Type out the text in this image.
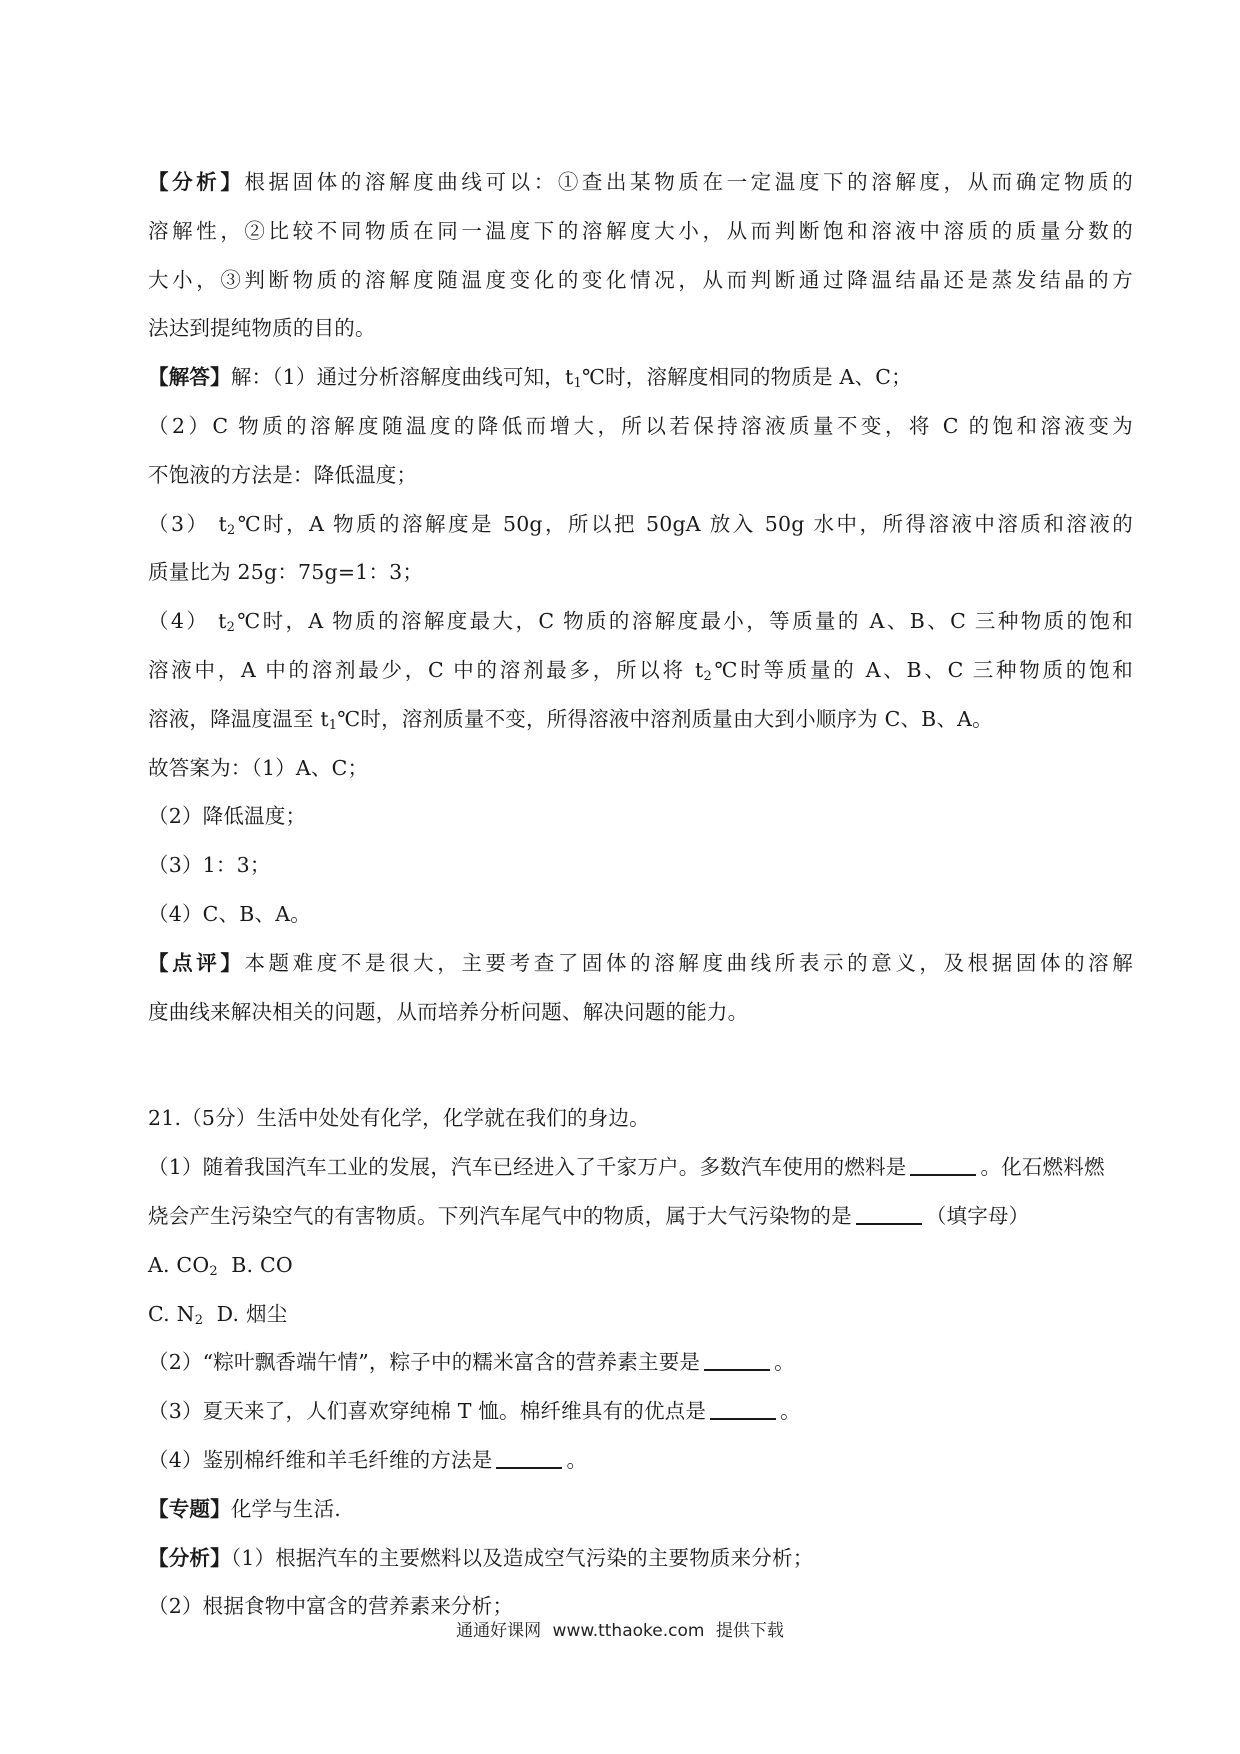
【分析】根据固体的溶解度曲线可以：①查出某物质在一定温度下的溶解度，从而确定物质的
溶解性，②比较不同物质在同一温度下的溶解度大小，从而判断饱和溶液中溶质的质量分数的
大小，③判断物质的溶解度随温度变化的变化情况，从而判断通过降温结晶还是蒸发结晶的方
法达到提纯物质的目的。
【解答】解：（1）通过分析溶解度曲线可知，$t_1℃$时，溶解度相同的物质是 A、C；
（2）C 物质的溶解度随温度的降低而增大，所以若保持溶液质量不变，将 C 的饱和溶液变为
不饱液的方法是：降低温度；
（3） $t_2℃$时，A 物质的溶解度是 50g，所以把 50gA 放入 50g 水中，所得溶液中溶质和溶液的
质量比为 25g：75g=1：3；
（4） $t_2℃$时，A 物质的溶解度最大，C 物质的溶解度最小，等质量的 A、B、C 三种物质的饱和
溶液中，A 中的溶剂最少，C 中的溶剂最多，所以将 $t_2℃$时等质量的 A、B、C 三种物质的饱和
溶液，降温度温至 $t_1℃$时，溶剂质量不变，所得溶液中溶剂质量由大到小顺序为 C、B、A。
故答案为：（1）A、C；
（2）降低温度；
（3）1：3；
（4）C、B、A。
【点评】本题难度不是很大，主要考查了固体的溶解度曲线所表示的意义，及根据固体的溶解
度曲线来解决相关的问题，从而培养分析问题、解决问题的能力。
21.（5分）生活中处处有化学，化学就在我们的身边。
（1）随着我国汽车工业的发展，汽车已经进入了千家万户。多数汽车使用的燃料是	。化石燃料燃
烧会产生污染空气的有害物质。下列汽车尾气中的物质，属于大气污染物的是	（填字母）
A. $CO_2$ B. CO
C. $N_2$ D. 烟尘
（2）“粽叶飘香端午情”，粽子中的糯米富含的营养素主要是	。
（3）夏天来了，人们喜欢穿纯棉 T 恤。棉纤维具有的优点是	。
（4）鉴别棉纤维和羊毛纤维的方法是	。
【专题】化学与生活.
【分析】（1）根据汽车的主要燃料以及造成空气污染的主要物质来分析；
（2）根据食物中富含的营养素来分析；
通通好课网 www.tthaoke.com 提供下载
